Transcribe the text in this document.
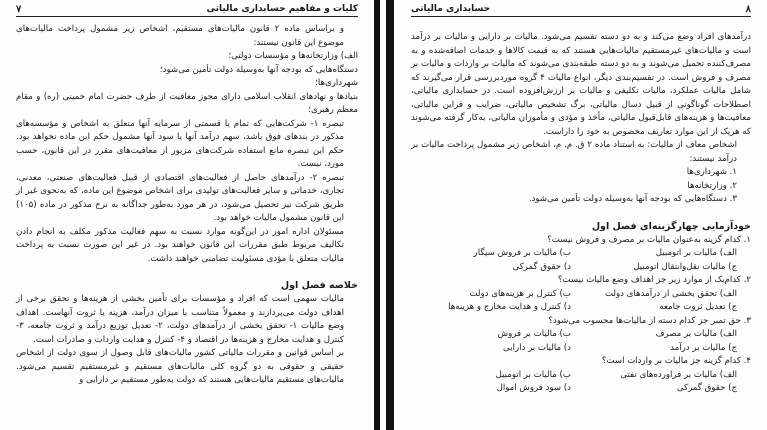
کلیات و مفاهیم حسابداری مالیاتی
۷

و براساس ماده ۲ قانون مالیات‌های مستقیم، اشخاص زیر مشمول پرداخت مالیات‌های موضوع این قانون نیستند:

الف) وزارتخانه‌ها و مؤسسات دولتی؛
دستگاه‌هایی که بودجه آنها به‌وسیله دولت تأمین می‌شود؛
شهرداری‌ها؛

بنیادها و نهادهای انقلاب اسلامی دارای مجوز معافیت از طرف حضرت امام خمینی (ره) و مقام معظم رهبری؛

تبصره ۱- شرکت‌هایی که تمام یا قسمتی از سرمایه آنها متعلق به اشخاص و مؤسسه‌های مذکور در بندهای فوق باشد، سهم درآمد آنها یا سود آنها مشمول حکم این ماده نخواهد بود. حکم این تبصره مانع استفاده شرکت‌های مزبور از معافیت‌های مقرر در این قانون، حسب مورد، نیست.

تبصره ۲- درآمدهای حاصل از فعالیت‌های اقتصادی از قبیل فعالیت‌های صنعتی، معدنی، تجاری، خدماتی و سایر فعالیت‌های تولیدی برای اشخاص موضوع این ماده، که به‌نحوی غیر از طریق شرکت نیز تحصیل می‌شود، در هر مورد به‌طور جداگانه به نرخ مذکور در ماده (۱۰۵) این قانون مشمول مالیات خواهد بود.

مسئولان اداره امور در این‌گونه موارد نسبت به سهم فعالیت مذکور مکلف به انجام دادن تکالیف مربوط طبق مقررات این قانون خواهند بود. در غیر این صورت نسبت به پرداخت مالیات متعلق با مؤدی مسئولیت تضامنی خواهند داشت.

خلاصه فصل اول

مالیات سهمی است که افراد و مؤسسات برای تأمین بخشی از هزینه‌ها و تحقق برخی از اهداف دولت می‌پردازند و معمولاً متناسب با میزان درآمد، هزینه یا ثروت آنهاست. اهداف وضع مالیات ۱- تحقق بخشی از درآمدهای دولت، ۲- تعدیل توزیع درآمد و ثروت جامعه، ۳- کنترل و هدایت مخارج و هزینه‌ها در اقتصاد و ۴- کنترل و هدایت واردات و صادرات است.

بر اساس قوانین و مقررات مالیاتی کشور مالیات‌های قابل وصول از سوی دولت از اشخاص حقیقی و حقوقی به دو گروه کلی مالیات‌های مستقیم و غیرمستقیم تقسیم می‌شود. مالیات‌های مستقیم مالیات‌هایی هستند که دولت به‌طور مستقیم بر دارایی و

۸
حسابداری مالیاتی

درآمدهای افراد وضع می‌کند و به دو دسته تقسیم می‌شود. مالیات بر دارایی و مالیات بر درآمد است و مالیات‌های غیرمستقیم مالیات‌هایی هستند که به قیمت کالاها و خدمات اضافه‌شده و به مصرف‌کننده تحمیل می‌شوند و به دو دسته طبقه‌بندی می‌شوند که مالیات بر واردات و مالیات بر مصرف و فروش است. در تقسیم‌بندی دیگر، انواع مالیات ۴ گروه موردبررسی قرار می‌گیرند که شامل مالیات عملکرد، مالیات تکلیفی و مالیات بر ارزش‌افزوده است. در حسابداری مالیاتی، اصطلاحات گوناگونی از قبیل دسال مالیاتی، برگ تشخیص مالیاتی، ضرایب و قراین مالیاتی، معافیت‌ها و هزینه‌های قابل‌قبول مالیاتی، مأخذ و مؤدی و مأموران مالیاتی، به‌کار گرفته می‌شوند که هریک از این موارد تعاریف مخصوص به خود را داراست.

اشخاص معاف از مالیات: به استناد ماده ۲ ق. م. م، اشخاص زیر مشمول پرداخت مالیات بر درآمد نیستند:

۱. شهرداری‌ها
۲. وزارتخانه‌ها
۳. دستگاه‌هایی که بودجه آنها به‌وسیله دولت تأمین می‌شود.
خودآزمایی چهارگزینه‌ای فصل اول
۱. کدام گزینه به‌عنوان مالیات بر مصرف و فروش نیست؟
الف) مالیات بر اتومبیل
ب) مالیات بر فروش سیگار
ج) مالیات نقل‌وانتقال اتومبیل
د) حقوق گمرکی
۲. کدام‌یک از موارد زیر جز اهداف وضع مالیات نیست؟
الف) تحقق بخشی از درآمدهای دولت
ب) کنترل بر هزینه‌های دولت
ج) تعدیل ثروت جامعه
د) کنترل و هدایت مخارج و هزینه‌ها
۳. حق تمبر جز کدام دسته از مالیات‌ها محسوب می‌شود؟
الف) مالیات بر مصرف
ب) مالیات بر فروش
ج) مالیات بر درآمد
د) مالیات بر دارایی
۴. کدام گزینه جز مالیات بر واردات است؟
الف) مالیات بر فراورده‌های نفتی
ب) مالیات بر اتومبیل
ج) حقوق گمرکی
د) سود فروش اموال
